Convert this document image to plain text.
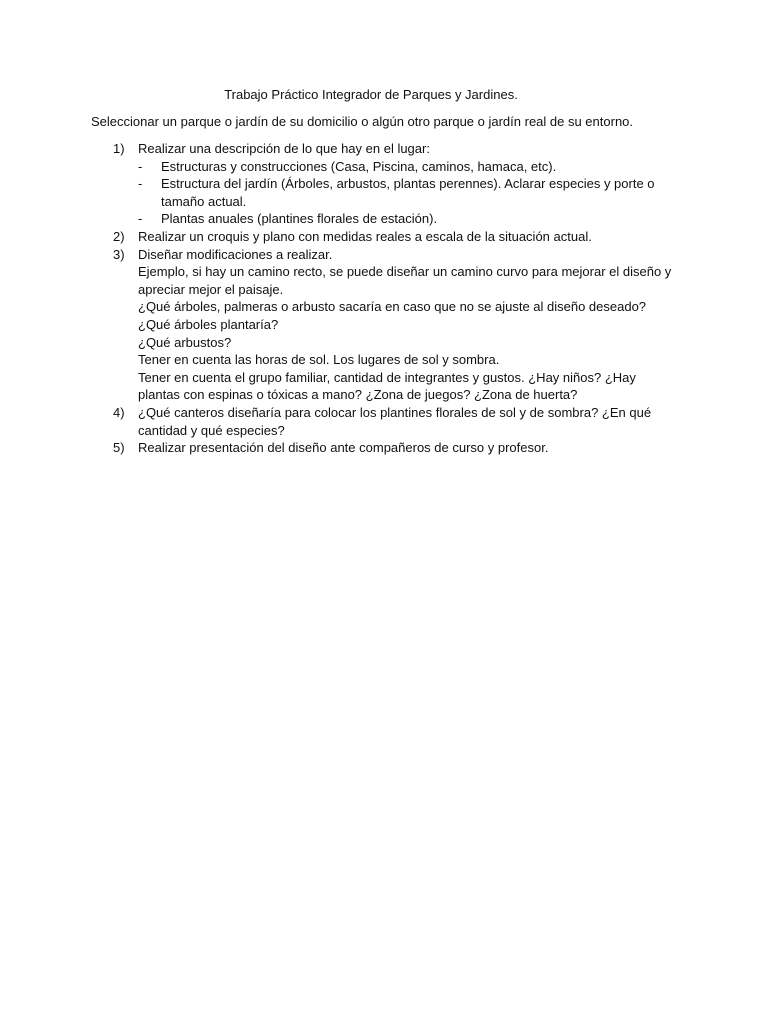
Trabajo Práctico Integrador de Parques y Jardines.
Seleccionar un parque o jardín de su domicilio o algún otro parque o jardín real de su entorno.
1) Realizar una descripción de lo que hay en el lugar:
- Estructuras y construcciones (Casa, Piscina, caminos, hamaca, etc).
- Estructura del jardín (Árboles, arbustos, plantas perennes). Aclarar especies y porte o tamaño actual.
- Plantas anuales (plantines florales de estación).
2) Realizar un croquis y plano con medidas reales a escala de la situación actual.
3) Diseñar modificaciones a realizar.
Ejemplo, si hay un camino recto, se puede diseñar un camino curvo para mejorar el diseño y apreciar mejor el paisaje.
¿Qué árboles, palmeras o arbusto sacaría en caso que no se ajuste al diseño deseado?
¿Qué árboles plantaría?
¿Qué arbustos?
Tener en cuenta las horas de sol. Los lugares de sol y sombra.
Tener en cuenta el grupo familiar, cantidad de integrantes y gustos. ¿Hay niños? ¿Hay plantas con espinas o tóxicas a mano? ¿Zona de juegos? ¿Zona de huerta?
4) ¿Qué canteros diseñaría para colocar los plantines florales de sol y de sombra? ¿En qué cantidad y qué especies?
5) Realizar presentación del diseño ante compañeros de curso y profesor.
